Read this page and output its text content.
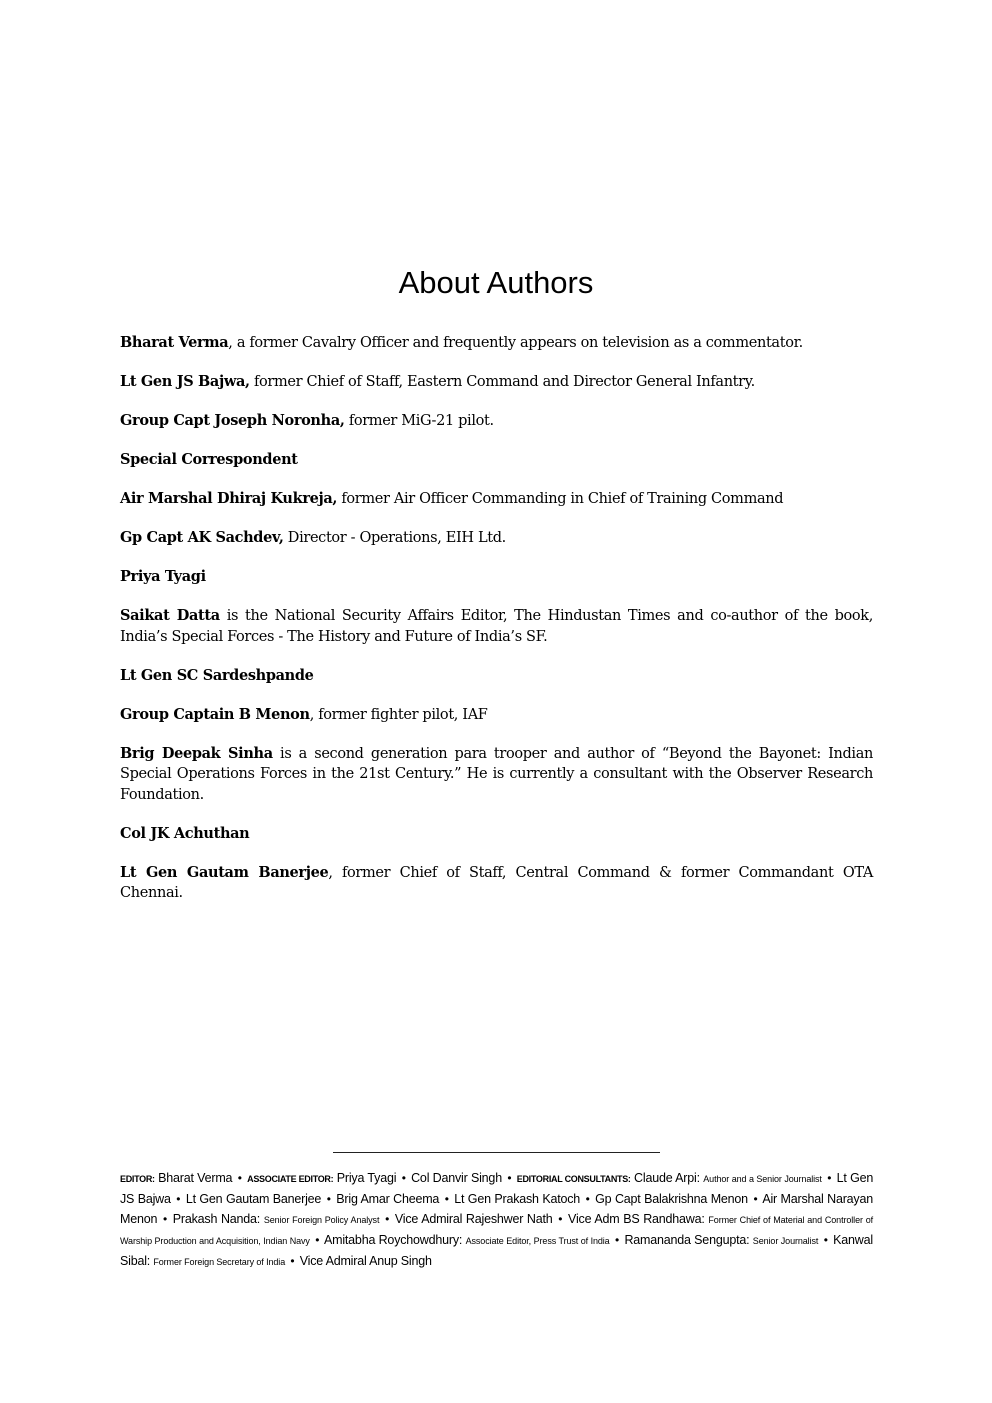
About Authors

Bharat Verma, a former Cavalry Officer and frequently appears on television as a commentator.

Lt Gen JS Bajwa, former Chief of Staff, Eastern Command and Director General Infantry.

Group Capt Joseph Noronha, former MiG-21 pilot.

Special Correspondent

Air Marshal Dhiraj Kukreja, former Air Officer Commanding in Chief of Training Command

Gp Capt AK Sachdev, Director - Operations, EIH Ltd.

Priya Tyagi

Saikat Datta is the National Security Affairs Editor, The Hindustan Times and co-author of the book, India’s Special Forces - The History and Future of India’s SF.

Lt Gen SC Sardeshpande

Group Captain B Menon, former fighter pilot, IAF

Brig Deepak Sinha is a second generation para trooper and author of “Beyond the Bayonet: Indian Special Operations Forces in the 21st Century.” He is currently a consultant with the Observer Research Foundation.

Col JK Achuthan

Lt Gen Gautam Banerjee, former Chief of Staff, Central Command & former Commandant OTA Chennai.

EDITOR: Bharat Verma • ASSOCIATE EDITOR: Priya Tyagi • Col Danvir Singh • EDITORIAL CONSULTANTS: Claude Arpi: Author and a Senior Journalist • Lt Gen JS Bajwa • Lt Gen Gautam Banerjee • Brig Amar Cheema • Lt Gen Prakash Katoch • Gp Capt Balakrishna Menon • Air Marshal Narayan Menon • Prakash Nanda: Senior Foreign Policy Analyst • Vice Admiral Rajeshwer Nath • Vice Adm BS Randhawa: Former Chief of Material and Controller of Warship Production and Acquisition, Indian Navy • Amitabha Roychowdhury: Associate Editor, Press Trust of India • Ramananda Sengupta: Senior Journalist • Kanwal Sibal: Former Foreign Secretary of India • Vice Admiral Anup Singh
